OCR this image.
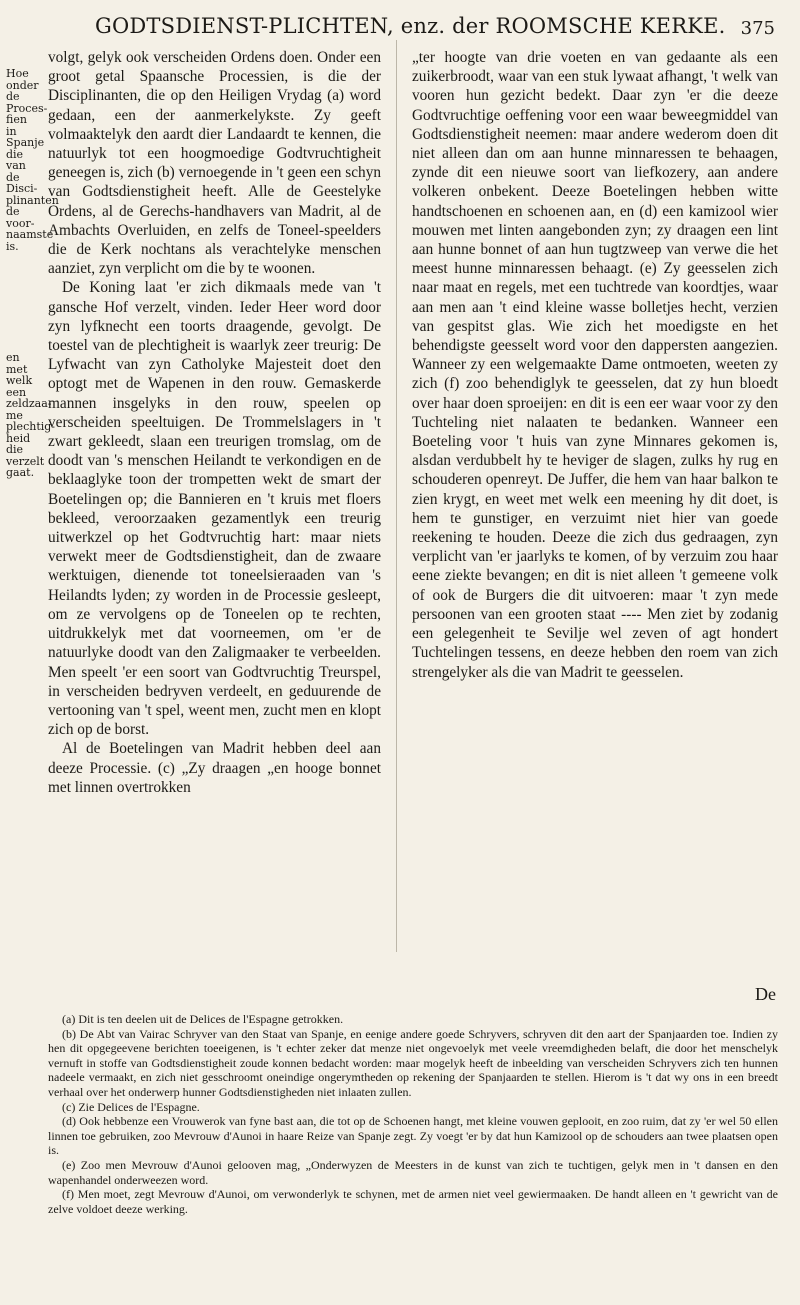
GODTSDIENST-PLICHTEN, enz. der ROOMSCHE KERKE. 375
Hoe onder de Proces- fien in Spanje die van de Disci- plinanten de voor- naamste is.
en met welk een zeldzaa- me plechtig- heid die verzelt gaat.

volgt, gelyk ook verscheiden Ordens doen. Onder een groot getal Spaansche Processien, is die der Disciplinanten, die op den Heiligen Vrydag (a) word gedaan, een der aanmerkelykste. Zy geeft volmaaktelyk den aardt dier Landaardt te kennen, die natuurlyk tot een hoogmoedige Godtvruchtigheit geneegen is, zich (b) vernoegende in 't geen een schyn van Godtsdienstigheit heeft. Alle de Geestelyke Ordens, al de Gerechs-handhavers van Madrit, al de Ambachts Overluiden, en zelfs de Toneel-speelders die de Kerk nochtans als verachtelyke menschen aanziet, zyn verplicht om die by te woonen.

De Koning laat 'er zich dikmaals mede van 't gansche Hof verzelt, vinden. Ieder Heer word door zyn lyfknecht een toorts draagende, gevolgt. De toestel van de plechtigheit is waarlyk zeer treurig: De Lyfwacht van zyn Catholyke Majesteit doet den optogt met de Wapenen in den rouw. Gemaskerde mannen insgelyks in den rouw, speelen op verscheiden speeltuigen. De Trommelslagers in 't zwart gekleedt, slaan een treurigen tromslag, om de doodt van 's menschen Heilandt te verkondigen en de beklaaglyke toon der trompetten wekt de smart der Boetelingen op; die Bannieren en 't kruis met floers bekleed, veroorzaaken gezamentlyk een treurig uitwerkzel op het Godtvruchtig hart: maar niets verwekt meer de Godtsdienstigheit, dan de zwaare werktuigen, dienende tot toneelsieraaden van 's Heilandts lyden; zy worden in de Processie gesleept, om ze vervolgens op de Toneelen op te rechten, uitdrukkelyk met dat voorneemen, om 'er de natuurlyke doodt van den Zaligmaaker te verbeelden. Men speelt 'er een soort van Godtvruchtig Treurspel, in verscheiden bedryven verdeelt, en geduurende de vertooning van 't spel, weent men, zucht men en klopt zich op de borst.

Al de Boetelingen van Madrit hebben deel aan deeze Processie. (c) „Zy draagen „en hooge bonnet met linnen overtrokken

„ter hoogte van drie voeten en van gedaante als een zuikerbroodt, waar van een stuk lywaat afhangt, 't welk van vooren hun gezicht bedekt. Daar zyn 'er die deeze Godtvruchtige oeffening voor een waar beweegmiddel van Godtsdienstigheit neemen: maar andere wederom doen dit niet alleen dan om aan hunne minnaressen te behaagen, zynde dit een nieuwe soort van liefkozery, aan andere volkeren onbekent. Deeze Boetelingen hebben witte handtschoenen en schoenen aan, en (d) een kamizool wier mouwen met linten aangebonden zyn; zy draagen een lint aan hunne bonnet of aan hun tugtzweep van verwe die het meest hunne minnaressen behaagt. (e) Zy geesselen zich naar maat en regels, met een tuchtrede van koordtjes, waar aan men aan 't eind kleine wasse bolletjes hecht, verzien van gespitst glas. Wie zich het moedigste en het behendigste geesselt word voor den dappersten aangezien. Wanneer zy een welgemaakte Dame ontmoeten, weeten zy zich (f) zoo behendiglyk te geesselen, dat zy hun bloedt over haar doen sproeijen: en dit is een eer waar voor zy den Tuchteling niet nalaaten te bedanken. Wanneer een Boeteling voor 't huis van zyne Minnares gekomen is, alsdan verdubbelt hy te heviger de slagen, zulks hy rug en schouderen openreyt. De Juffer, die hem van haar balkon te zien krygt, en weet met welk een meening hy dit doet, is hem te gunstiger, en verzuimt niet hier van goede reekening te houden. Deeze die zich dus gedraagen, zyn verplicht van 'er jaarlyks te komen, of by verzuim zou haar eene ziekte bevangen; en dit is niet alleen 't gemeene volk of ook de Burgers die dit uitvoeren: maar 't zyn mede persoonen van een grooten staat ---- Men ziet by zodanig een gelegenheit te Sevilje wel zeven of agt hondert Tuchtelingen tessens, en deeze hebben den roem van zich strengelyker als die van Madrit te geesselen.

De

(a) Dit is ten deelen uit de Delices de l'Espagne getrokken.

(b) De Abt van Vairac Schryver van den Staat van Spanje, en eenige andere goede Schryvers, schryven dit den aart der Spanjaarden toe. Indien zy hen dit opgegeevene berichten toeeigenen, is 't echter zeker dat menze niet ongevoelyk met veele vreemdigheden belaft, die door het menschelyk vernuft in stoffe van Godtsdienstigheit zoude konnen bedacht worden: maar mogelyk heeft de inbeelding van verscheiden Schryvers zich ten hunnen nadeele vermaakt, en zich niet gesschroomt oneindige ongerymtheden op rekening der Spanjaarden te stellen. Hierom is 't dat wy ons in een breedt verhaal over het onderwerp hunner Godtsdienstigheden niet inlaaten zullen.

(c) Zie Delices de l'Espagne.

(d) Ook hebbenze een Vrouwerok van fyne bast aan, die tot op de Schoenen hangt, met kleine vouwen geplooit, en zoo ruim, dat zy 'er wel 50 ellen linnen toe gebruiken, zoo Mevrouw d'Aunoi in haare Reize van Spanje zegt. Zy voegt 'er by dat hun Kamizool op de schouders aan twee plaatsen open is.

(e) Zoo men Mevrouw d'Aunoi gelooven mag, „Onderwyzen de Meesters in de kunst van zich te tuchtigen, gelyk men in 't dansen en den wapenhandel onderweezen word.

(f) Men moet, zegt Mevrouw d'Aunoi, om verwonderlyk te schynen, met de armen niet veel gewiermaaken. De handt alleen en 't gewricht van de zelve voldoet deeze werking.
